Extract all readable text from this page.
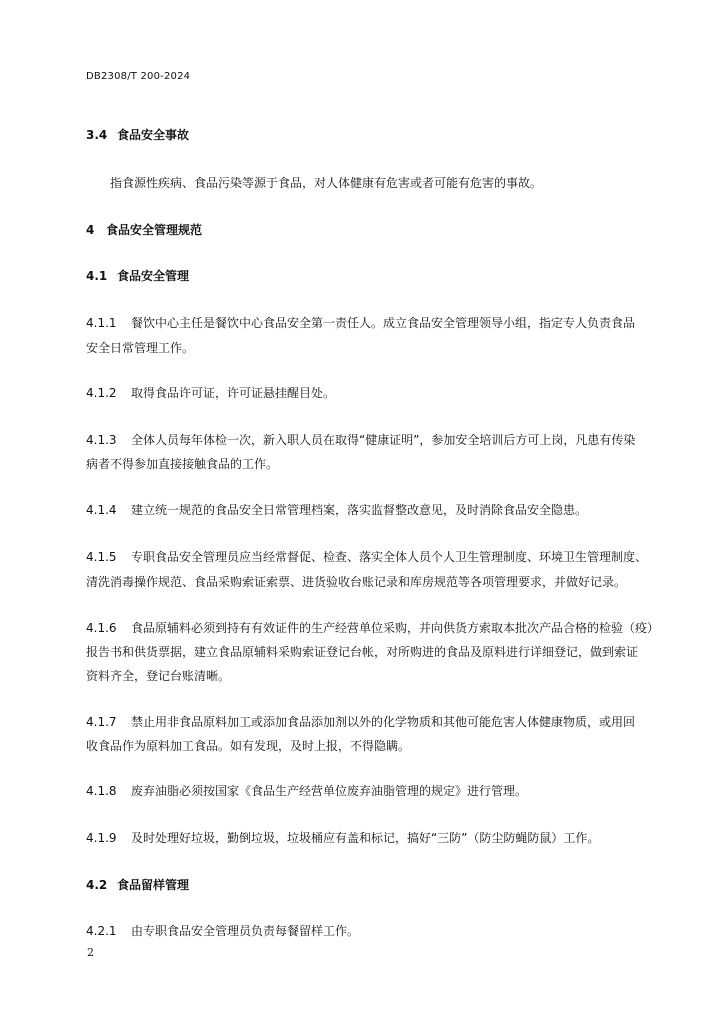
DB2308/T 200-2024
3.4 食品安全事故
指食源性疾病、食品污染等源于食品，对人体健康有危害或者可能有危害的事故。
4 食品安全管理规范
4.1 食品安全管理
4.1.1 餐饮中心主任是餐饮中心食品安全第一责任人。成立食品安全管理领导小组，指定专人负责食品
安全日常管理工作。
4.1.2 取得食品许可证，许可证悬挂醒目处。
4.1.3 全体人员每年体检一次，新入职人员在取得“健康证明”，参加安全培训后方可上岗，凡患有传染
病者不得参加直接接触食品的工作。
4.1.4 建立统一规范的食品安全日常管理档案，落实监督整改意见，及时消除食品安全隐患。
4.1.5 专职食品安全管理员应当经常督促、检查、落实全体人员个人卫生管理制度、环境卫生管理制度、
清洗消毒操作规范、食品采购索证索票、进货验收台账记录和库房规范等各项管理要求，并做好记录。
4.1.6 食品原辅料必须到持有有效证件的生产经营单位采购，并向供货方索取本批次产品合格的检验（疫）
报告书和供货票据，建立食品原辅料采购索证登记台帐，对所购进的食品及原料进行详细登记，做到索证
资料齐全，登记台账清晰。
4.1.7 禁止用非食品原料加工或添加食品添加剂以外的化学物质和其他可能危害人体健康物质，或用回
收食品作为原料加工食品。如有发现，及时上报，不得隐瞒。
4.1.8 废弃油脂必须按国家《食品生产经营单位废弃油脂管理的规定》进行管理。
4.1.9 及时处理好垃圾，勤倒垃圾，垃圾桶应有盖和标记，搞好“三防”（防尘防蝇防鼠）工作。
4.2 食品留样管理
4.2.1 由专职食品安全管理员负责每餐留样工作。
2
